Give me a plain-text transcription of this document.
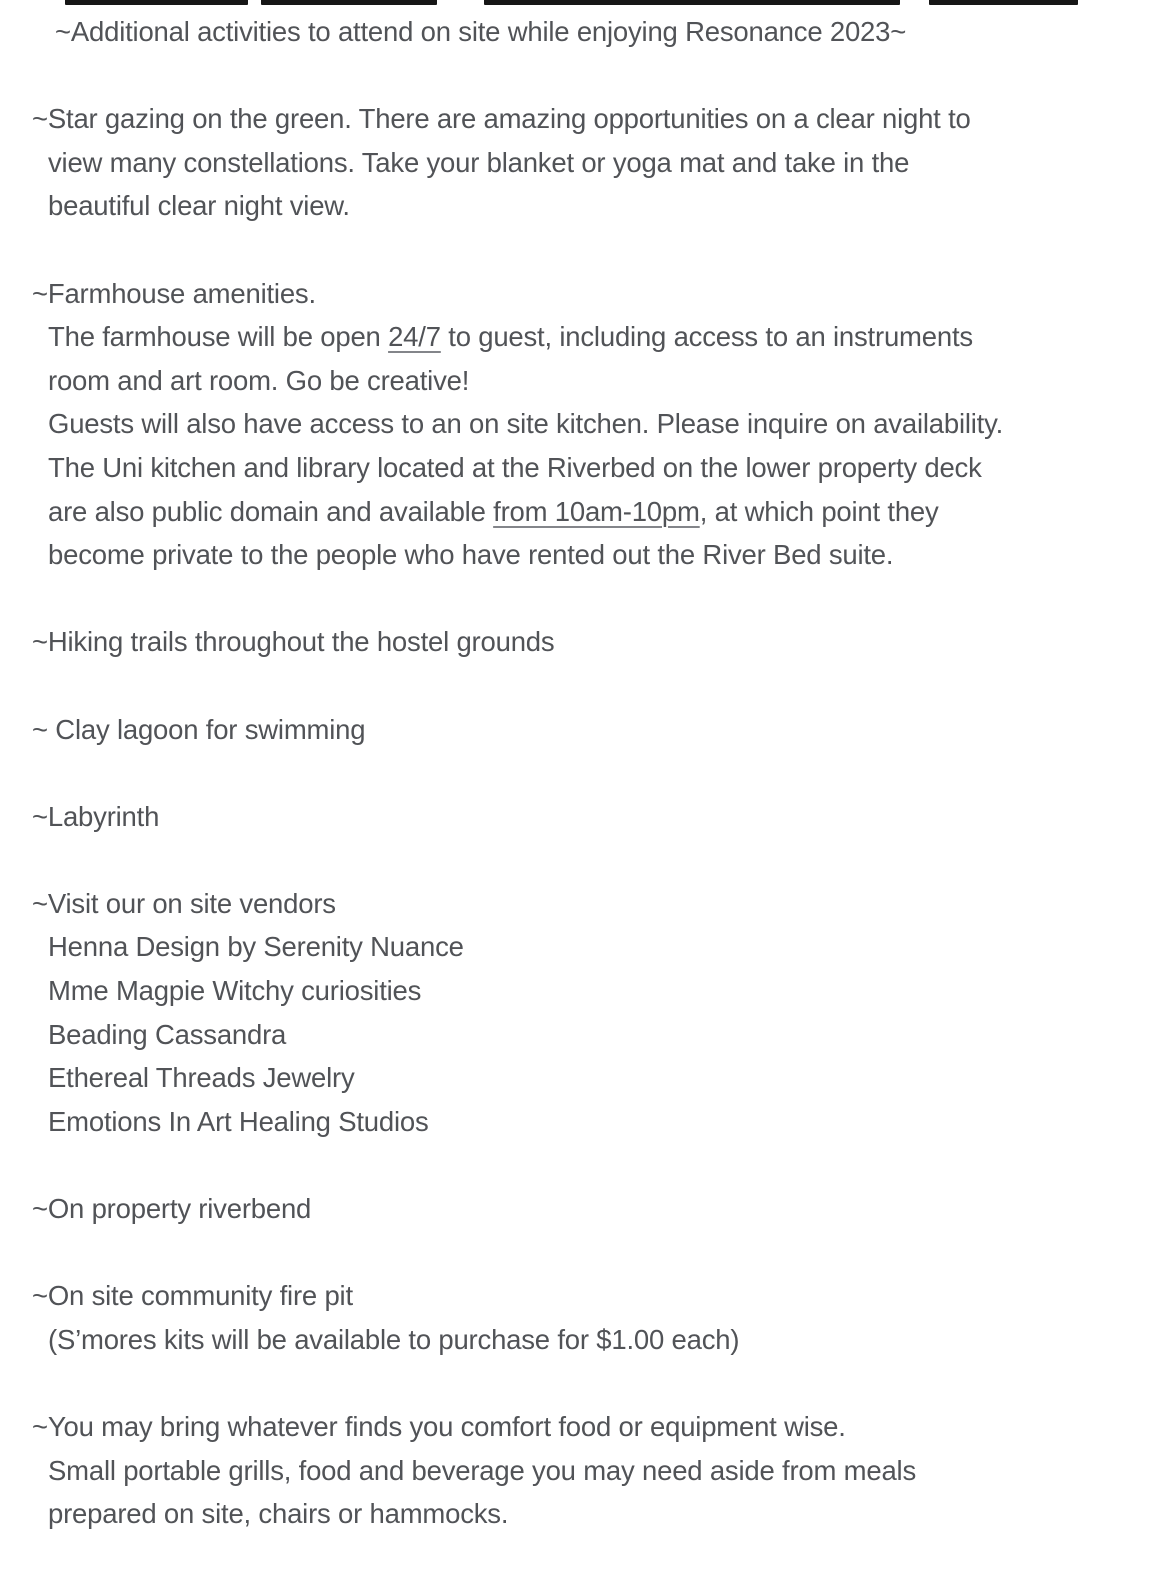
~Additional activities to attend on site while enjoying Resonance 2023~
~Star gazing on the green. There are amazing opportunities on a clear night to
view many constellations. Take your blanket or yoga mat and take in the
beautiful clear night view.
~Farmhouse amenities.
The farmhouse will be open 24/7 to guest, including access to an instruments
room and art room. Go be creative!
Guests will also have access to an on site kitchen. Please inquire on availability.
The Uni kitchen and library located at the Riverbed on the lower property deck
are also public domain and available from 10am-10pm, at which point they
become private to the people who have rented out the River Bed suite.
~Hiking trails throughout the hostel grounds
~ Clay lagoon for swimming
~Labyrinth
~Visit our on site vendors
Henna Design by Serenity Nuance
Mme Magpie Witchy curiosities
Beading Cassandra
Ethereal Threads Jewelry
Emotions In Art Healing Studios
~On property riverbend
~On site community fire pit
(S’mores kits will be available to purchase for $1.00 each)
~You may bring whatever finds you comfort food or equipment wise.
Small portable grills, food and beverage you may need aside from meals
prepared on site, chairs or hammocks.
